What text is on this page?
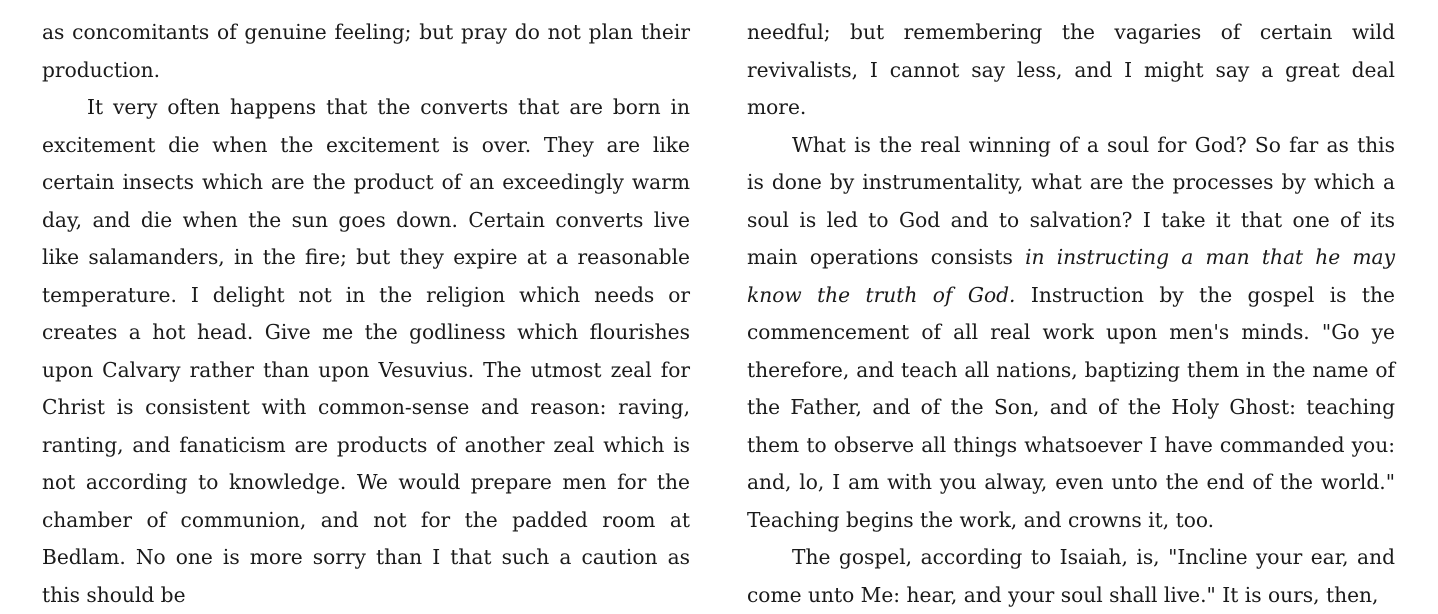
as concomitants of genuine feeling; but pray do not plan their production.

It very often happens that the converts that are born in excitement die when the excitement is over. They are like certain insects which are the product of an exceedingly warm day, and die when the sun goes down. Certain converts live like salamanders, in the fire; but they expire at a reasonable temperature. I delight not in the religion which needs or creates a hot head. Give me the godliness which flourishes upon Calvary rather than upon Vesuvius. The utmost zeal for Christ is consistent with common-sense and reason: raving, ranting, and fanaticism are products of another zeal which is not according to knowledge. We would prepare men for the chamber of communion, and not for the padded room at Bedlam. No one is more sorry than I that such a caution as this should be

needful; but remembering the vagaries of certain wild revivalists, I cannot say less, and I might say a great deal more.

What is the real winning of a soul for God? So far as this is done by instrumentality, what are the processes by which a soul is led to God and to salvation? I take it that one of its main operations consists in instructing a man that he may know the truth of God. Instruction by the gospel is the commencement of all real work upon men's minds. "Go ye therefore, and teach all nations, baptizing them in the name of the Father, and of the Son, and of the Holy Ghost: teaching them to observe all things whatsoever I have commanded you: and, lo, I am with you alway, even unto the end of the world." Teaching begins the work, and crowns it, too.

The gospel, according to Isaiah, is, "Incline your ear, and come unto Me: hear, and your soul shall live." It is ours, then,
